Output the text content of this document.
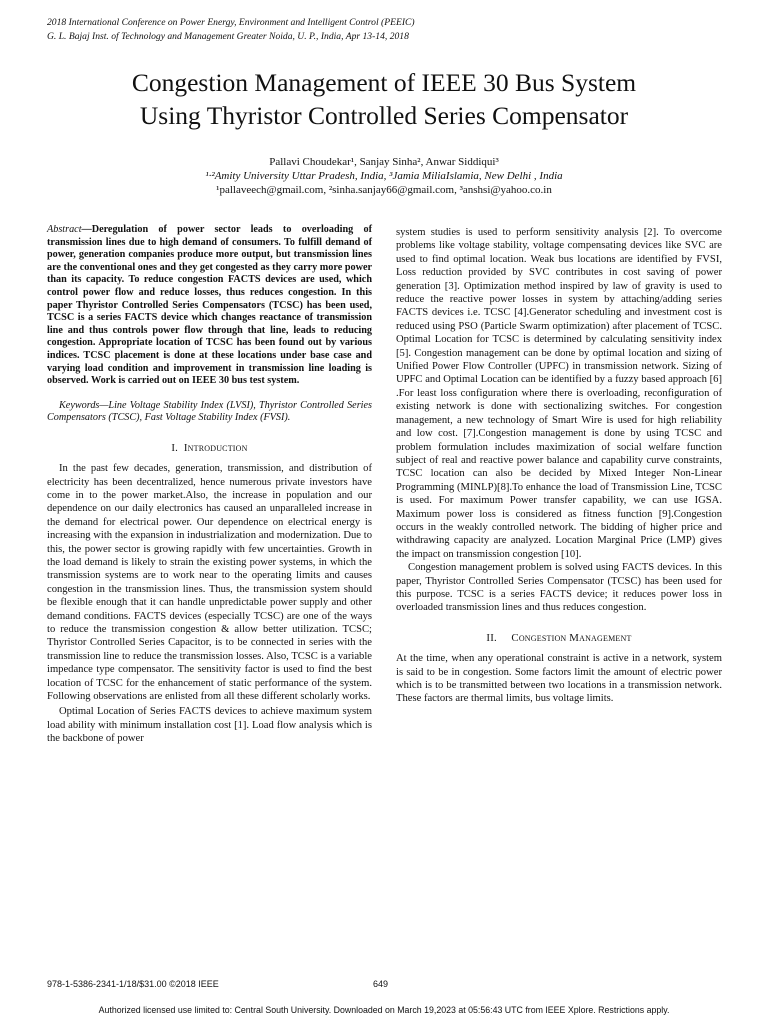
2018 International Conference on Power Energy, Environment and Intelligent Control (PEEIC)
G. L. Bajaj Inst. of Technology and Management Greater Noida, U. P., India, Apr 13-14, 2018
Congestion Management of IEEE 30 Bus System
Using Thyristor Controlled Series Compensator
Pallavi Choudekar¹, Sanjay Sinha², Anwar Siddiqui³
¹·²Amity University Uttar Pradesh, India, ³Jamia MiliaIslamia, New Delhi , India
¹pallaveech@gmail.com, ²sinha.sanjay66@gmail.com, ³anshsi@yahoo.co.in
Abstract—Deregulation of power sector leads to overloading of transmission lines due to high demand of consumers. To fulfill demand of power, generation companies produce more output, but transmission lines are the conventional ones and they get congested as they carry more power than its capacity. To reduce congestion FACTS devices are used, which control power flow and reduce losses, thus reduces congestion. In this paper Thyristor Controlled Series Compensators (TCSC) has been used, TCSC is a series FACTS device which changes reactance of transmission line and thus controls power flow through that line, leads to reducing congestion. Appropriate location of TCSC has been found out by various indices. TCSC placement is done at these locations under base case and varying load condition and improvement in transmission line loading is observed. Work is carried out on IEEE 30 bus test system.
Keywords—Line Voltage Stability Index (LVSI), Thyristor Controlled Series Compensators (TCSC), Fast Voltage Stability Index (FVSI).
I. Introduction

In the past few decades, generation, transmission, and distribution of electricity has been decentralized, hence numerous private investors have come in to the power market.Also, the increase in population and our dependence on our daily electronics has caused an unparalleled increase in the demand for electrical power. Our dependence on electrical energy is increasing with the expansion in industrialization and modernization. Due to this, the power sector is growing rapidly with few uncertainties. Growth in the load demand is likely to strain the existing power systems, in which the transmission systems are to work near to the operating limits and causes congestion in the transmission lines. Thus, the transmission system should be flexible enough that it can handle unpredictable power supply and other demand conditions. FACTS devices (especially TCSC) are one of the ways to reduce the transmission congestion & allow better utilization. TCSC; Thyristor Controlled Series Capacitor, is to be connected in series with the transmission line to reduce the transmission losses. Also, TCSC is a variable impedance type compensator. The sensitivity factor is used to find the best location of TCSC for the enhancement of static performance of the system. Following observations are enlisted from all these different scholarly works.

Optimal Location of Series FACTS devices to achieve maximum system load ability with minimum installation cost [1]. Load flow analysis which is the backbone of power

system studies is used to perform sensitivity analysis [2]. To overcome problems like voltage stability, voltage compensating devices like SVC are used to find optimal location. Weak bus locations are identified by FVSI, Loss reduction provided by SVC contributes in cost saving of power generation [3]. Optimization method inspired by law of gravity is used to reduce the reactive power losses in system by attaching/adding series FACTS devices i.e. TCSC [4].Generator scheduling and investment cost is reduced using PSO (Particle Swarm optimization) after placement of TCSC. Optimal Location for TCSC is determined by calculating sensitivity index [5]. Congestion management can be done by optimal location and sizing of Unified Power Flow Controller (UPFC) in transmission network. Sizing of UPFC and Optimal Location can be identified by a fuzzy based approach [6] .For least loss configuration where there is overloading, reconfiguration of existing network is done with sectionalizing switches. For congestion management, a new technology of Smart Wire is used for high reliability and low cost. [7].Congestion management is done by using TCSC and problem formulation includes maximization of social welfare function subject of real and reactive power balance and capability curve constraints, TCSC location can also be decided by Mixed Integer Non-Linear Programming (MINLP)[8].To enhance the load of Transmission Line, TCSC is used. For maximum Power transfer capability, we can use IGSA. Maximum power loss is considered as fitness function [9].Congestion occurs in the weakly controlled network. The bidding of higher price and withdrawing capacity are analyzed. Location Marginal Price (LMP) gives the impact on transmission congestion [10].

Congestion management problem is solved using FACTS devices. In this paper, Thyristor Controlled Series Compensator (TCSC) has been used for this purpose. TCSC is a series FACTS device; it reduces power loss in overloaded transmission lines and thus reduces congestion.

II. Congestion Management

At the time, when any operational constraint is active in a network, system is said to be in congestion. Some factors limit the amount of electric power which is to be transmitted between two locations in a transmission network. These factors are thermal limits, bus voltage limits.

978-1-5386-2341-1/18/$31.00 ©2018 IEEE	649
Authorized licensed use limited to: Central South University. Downloaded on March 19,2023 at 05:56:43 UTC from IEEE Xplore. Restrictions apply.
